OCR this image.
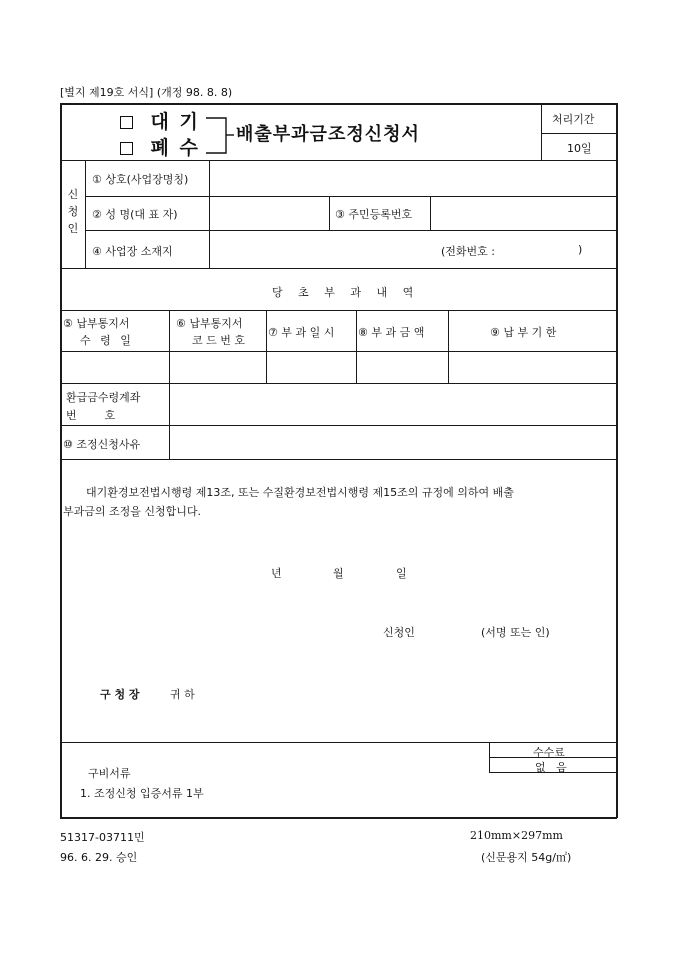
[별지 제19호 서식] (개정 98. 8. 8)
대 기
폐 수
배출부과금조정신청서
처리기간
10일
신청인
① 상호(사업장명칭)
② 성 명(대 표 자)	③ 주민등록번호
④ 사업장 소재지	(전화번호 :	)
당 초 부 과 내 역
⑤ 납부통지서
수 령 일
⑥ 납부통지서
코 드 번 호
⑦ 부 과 일 시 ⑧ 부 과 금 액	⑨ 납 부 기 한
환급금수령계좌
번        호
⑩ 조정신청사유
대기환경보전법시행령 제13조, 또는 수질환경보전법시행령 제15조의 규정에 의하여 배출
부과금의 조정을 신청합니다.
년	월	일
신청인	(서명 또는 인)
구 청 장	귀 하
구비서류
1. 조정신청 입증서류 1부
수수료
없   음
51317-03711민
96. 6. 29. 승인
210mm×297mm
(신문용지 54g/㎡)
